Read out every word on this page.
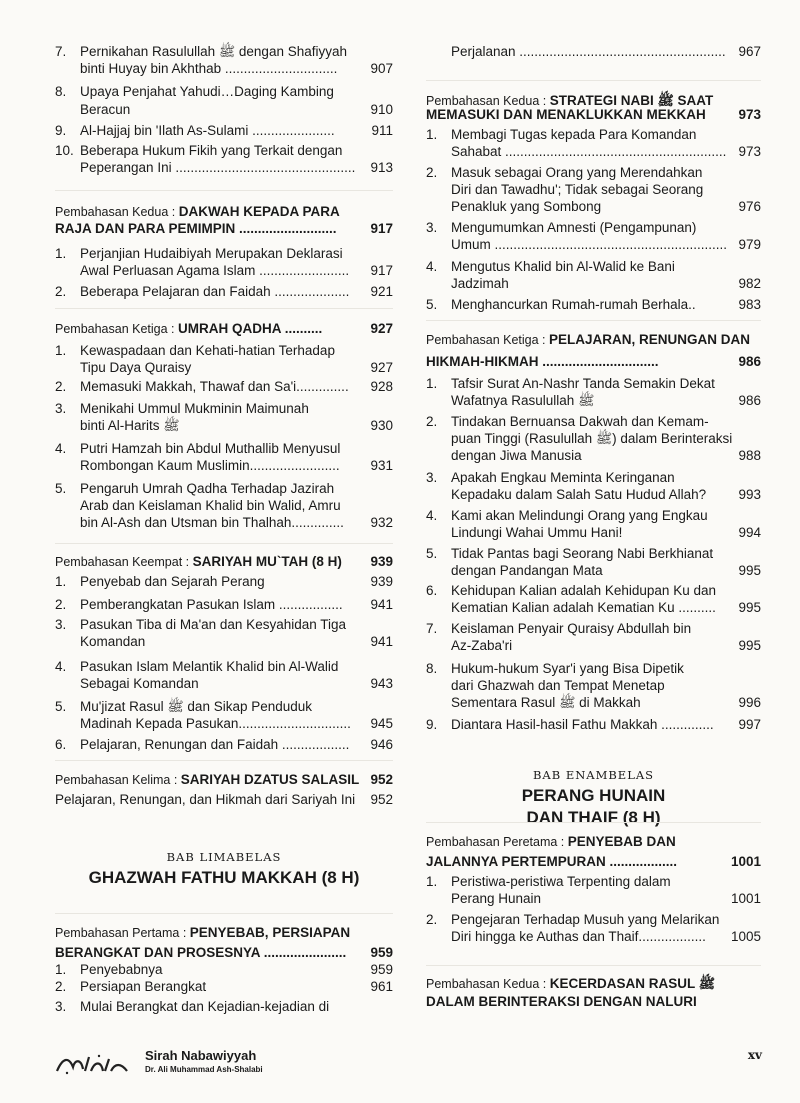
7. Pernikahan Rasulullah ﷺ dengan Shafiyyah
binti Huyay bin Akhthab .............................. 907
8. Upaya Penjahat Yahudi…Daging Kambing
Beracun	910
9. Al-Hajjaj bin 'Ilath As-Sulami ......................	911
10. Beberapa Hukum Fikih yang Terkait dengan
Peperangan Ini ................................................ 913
Pembahasan Kedua : DAKWAH KEPADA PARA
RAJA DAN PARA PEMIMPIN ..........................	917
1. Perjanjian Hudaibiyah Merupakan Deklarasi
Awal Perluasan Agama Islam ........................ 917
2. Beberapa Pelajaran dan Faidah .................... 921
Pembahasan Ketiga : UMRAH QADHA ..........	927
1. Kewaspadaan dan Kehati-hatian Terhadap
Tipu Daya Quraisy	927
2. Memasuki Makkah, Thawaf dan Sa'i.............. 928
3. Menikahi Ummul Mukminin Maimunah
binti Al-Harits ﷺ	930
4. Putri Hamzah bin Abdul Muthallib Menyusul
Rombongan Kaum Muslimin........................ 931
5. Pengaruh Umrah Qadha Terhadap Jazirah
Arab dan Keislaman Khalid bin Walid, Amru
bin Al-Ash dan Utsman bin Thalhah.............. 932
Pembahasan Keempat : SARIYAH MU`TAH (8 H) 939
1. Penyebab dan Sejarah Perang	939
2. Pemberangkatan Pasukan Islam ................. 941
3. Pasukan Tiba di Ma'an dan Kesyahidan Tiga
Komandan	941
4. Pasukan Islam Melantik Khalid bin Al-Walid
Sebagai Komandan	943
5. Mu'jizat Rasul ﷺ dan Sikap Penduduk
Madinah Kepada Pasukan.............................. 945
6. Pelajaran, Renungan dan Faidah .................. 946
Pembahasan Kelima : SARIYAH DZATUS SALASIL 952
Pelajaran, Renungan, dan Hikmah dari Sariyah Ini 952
BAB LIMABELAS
GHAZWAH FATHU MAKKAH (8 H)
Pembahasan Pertama : PENYEBAB, PERSIAPAN
BERANGKAT DAN PROSESNYA ...................... 959
1. Penyebabnya	959
2. Persiapan Berangkat	961
3. Mulai Berangkat dan Kejadian-kejadian di
Perjalanan ....................................................... 967
Pembahasan Kedua : STRATEGI NABI ﷺ SAAT
MEMASUKI DAN MENAKLUKKAN MEKKAH 973
1. Membagi Tugas kepada Para Komandan
Sahabat ........................................................... 973
2. Masuk sebagai Orang yang Merendahkan
Diri dan Tawadhu'; Tidak sebagai Seorang
Penakluk yang Sombong	976
3. Mengumumkan Amnesti (Pengampunan)
Umum .............................................................. 979
4. Mengutus Khalid bin Al-Walid ke Bani
Jadzimah	982
5. Menghancurkan Rumah-rumah Berhala..	983
Pembahasan Ketiga : PELAJARAN, RENUNGAN DAN
HIKMAH-HIKMAH ...............................	986
1. Tafsir Surat An-Nashr Tanda Semakin Dekat
Wafatnya Rasulullah ﷺ	986
2. Tindakan Bernuansa Dakwah dan Kemam-
puan Tinggi (Rasulullah ﷺ) dalam Berinteraksi
dengan Jiwa Manusia	988
3. Apakah Engkau Meminta Keringanan
Kepadaku dalam Salah Satu Hudud Allah? 993
4. Kami akan Melindungi Orang yang Engkau
Lindungi Wahai Ummu Hani!	994
5. Tidak Pantas bagi Seorang Nabi Berkhianat
dengan Pandangan Mata	995
6. Kehidupan Kalian adalah Kehidupan Ku dan
Kematian Kalian adalah Kematian Ku .......... 995
7. Keislaman Penyair Quraisy Abdullah bin
Az-Zaba'ri	995
8. Hukum-hukum Syar'i yang Bisa Dipetik
dari Ghazwah dan Tempat Menetap
Sementara Rasul ﷺ di Makkah	996
9. Diantara Hasil-hasil Fathu Makkah .............. 997
BAB ENAMBELAS
PERANG HUNAIN
DAN THAIF (8 H)
Pembahasan Peretama : PENYEBAB DAN
JALANNYA PERTEMPURAN ..................	1001
1. Peristiwa-peristiwa Terpenting dalam
Perang Hunain	1001
2. Pengejaran Terhadap Musuh yang Melarikan
Diri hingga ke Authas dan Thaif.................. 1005
Pembahasan Kedua : KECERDASAN RASUL ﷺ
DALAM BERINTERAKSI DENGAN NALURI
Sirah Nabawiyyah
Dr. Ali Muhammad Ash-Shalabi
xv
